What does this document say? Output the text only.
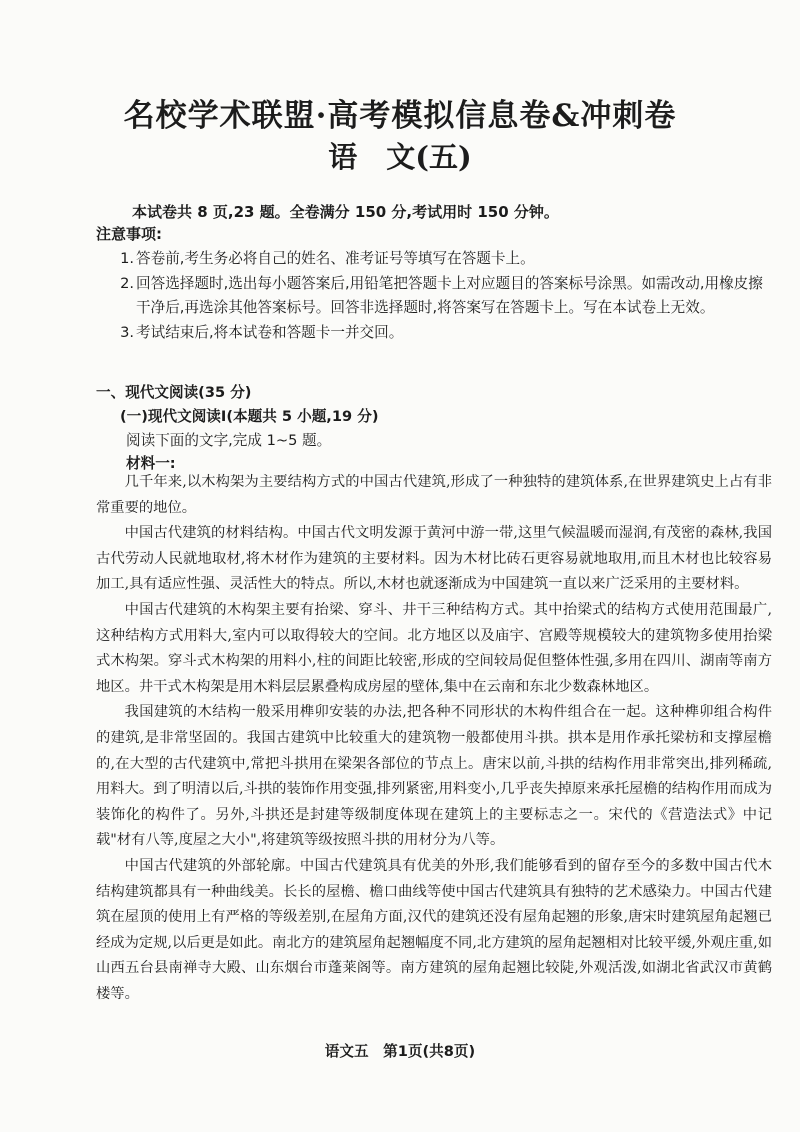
名校学术联盟·高考模拟信息卷&冲刺卷
语　文(五)
本试卷共 8 页,23 题。全卷满分 150 分,考试用时 150 分钟。
注意事项:
1. 答卷前,考生务必将自己的姓名、准考证号等填写在答题卡上。
2. 回答选择题时,选出每小题答案后,用铅笔把答题卡上对应题目的答案标号涂黑。如需改动,用橡皮擦干净后,再选涂其他答案标号。回答非选择题时,将答案写在答题卡上。写在本试卷上无效。
3. 考试结束后,将本试卷和答题卡一并交回。
一、现代文阅读(35 分)
(一)现代文阅读Ⅰ(本题共 5 小题,19 分)
阅读下面的文字,完成 1~5 题。
材料一:

几千年来,以木构架为主要结构方式的中国古代建筑,形成了一种独特的建筑体系,在世界建筑史上占有非常重要的地位。

中国古代建筑的材料结构。中国古代文明发源于黄河中游一带,这里气候温暖而湿润,有茂密的森林,我国古代劳动人民就地取材,将木材作为建筑的主要材料。因为木材比砖石更容易就地取用,而且木材也比较容易加工,具有适应性强、灵活性大的特点。所以,木材也就逐渐成为中国建筑一直以来广泛采用的主要材料。

中国古代建筑的木构架主要有抬梁、穿斗、井干三种结构方式。其中抬梁式的结构方式使用范围最广,这种结构方式用料大,室内可以取得较大的空间。北方地区以及庙宇、宫殿等规模较大的建筑物多使用抬梁式木构架。穿斗式木构架的用料小,柱的间距比较密,形成的空间较局促但整体性强,多用在四川、湖南等南方地区。井干式木构架是用木料层层累叠构成房屋的壁体,集中在云南和东北少数森林地区。

我国建筑的木结构一般采用榫卯安装的办法,把各种不同形状的木构件组合在一起。这种榫卯组合构件的建筑,是非常坚固的。我国古建筑中比较重大的建筑物一般都使用斗拱。拱本是用作承托梁枋和支撑屋檐的,在大型的古代建筑中,常把斗拱用在梁架各部位的节点上。唐宋以前,斗拱的结构作用非常突出,排列稀疏,用料大。到了明清以后,斗拱的装饰作用变强,排列紧密,用料变小,几乎丧失掉原来承托屋檐的结构作用而成为装饰化的构件了。另外,斗拱还是封建等级制度体现在建筑上的主要标志之一。宋代的《营造法式》中记载"材有八等,度屋之大小",将建筑等级按照斗拱的用材分为八等。

中国古代建筑的外部轮廓。中国古代建筑具有优美的外形,我们能够看到的留存至今的多数中国古代木结构建筑都具有一种曲线美。长长的屋檐、檐口曲线等使中国古代建筑具有独特的艺术感染力。中国古代建筑在屋顶的使用上有严格的等级差别,在屋角方面,汉代的建筑还没有屋角起翘的形象,唐宋时建筑屋角起翘已经成为定规,以后更是如此。南北方的建筑屋角起翘幅度不同,北方建筑的屋角起翘相对比较平缓,外观庄重,如山西五台县南禅寺大殿、山东烟台市蓬莱阁等。南方建筑的屋角起翘比较陡,外观活泼,如湖北省武汉市黄鹤楼等。

语文五　第1页(共8页)
